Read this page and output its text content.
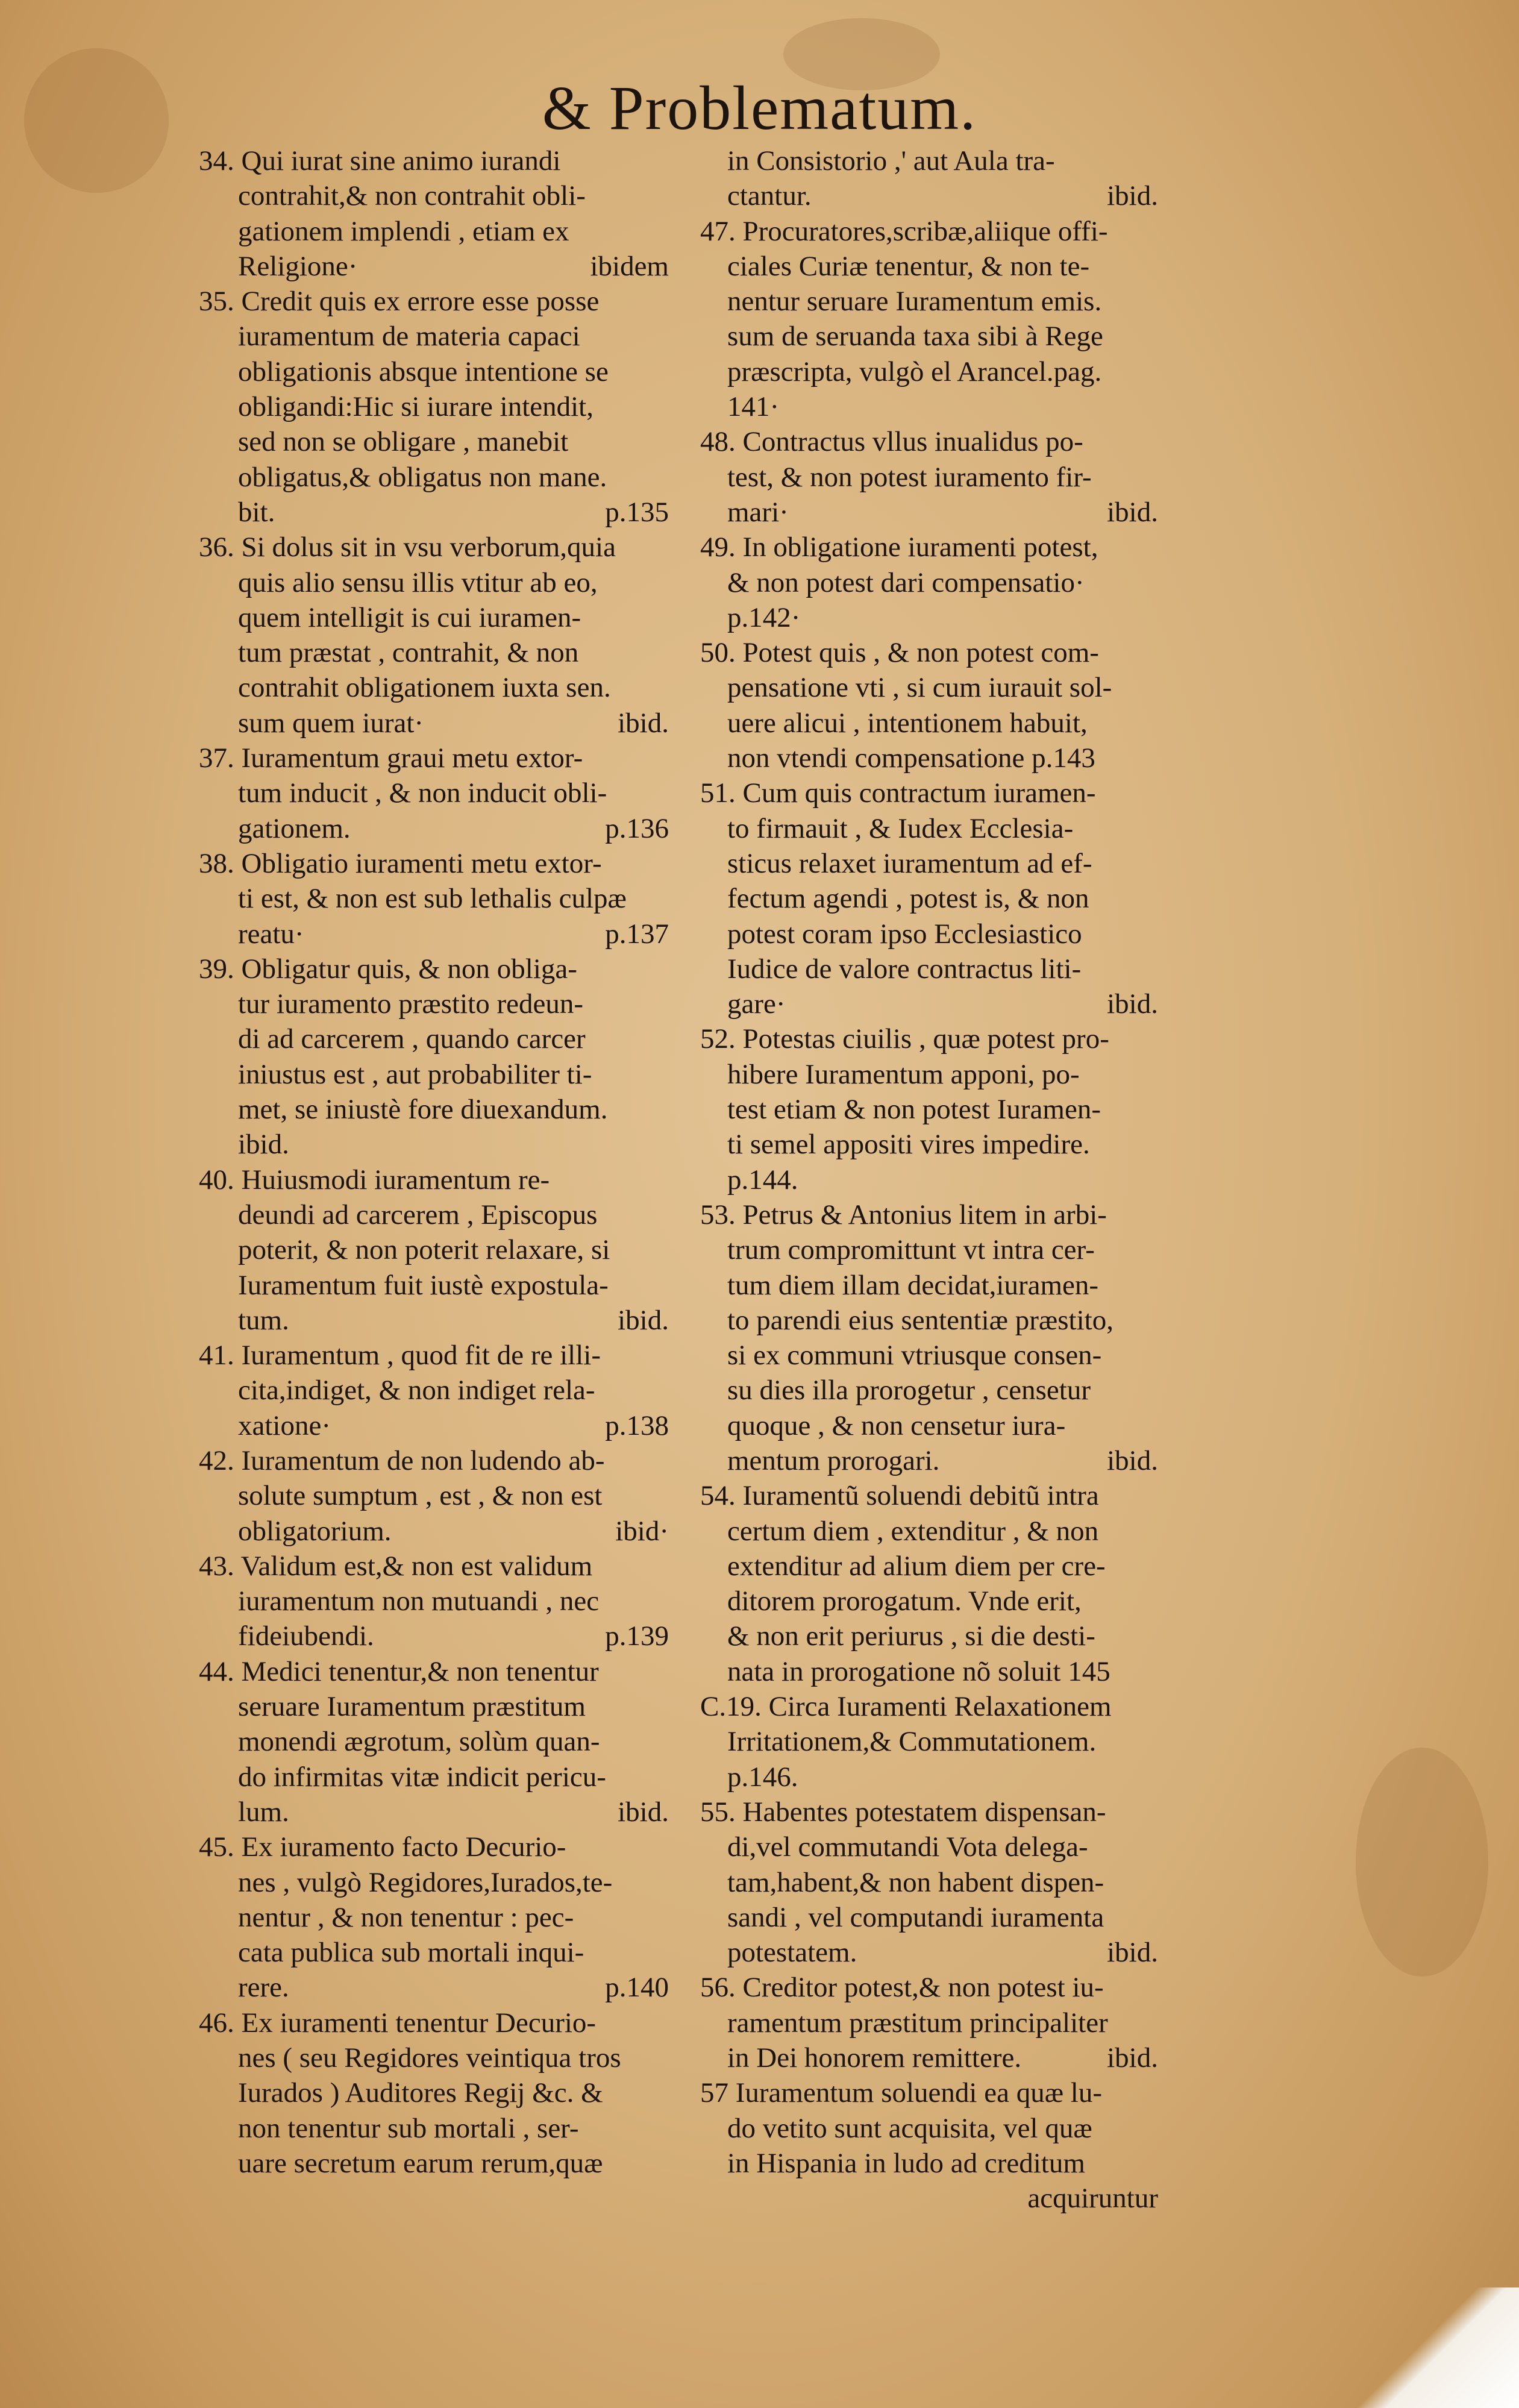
& Problematum.
34. Qui iurat sine animo iurandi
contrahit,& non contrahit obli-
gationem implendi , etiam ex
Religione·	ibidem
35. Credit quis ex errore esse posse
iuramentum de materia capaci
obligationis absque intentione se
obligandi:Hic si iurare intendit,
sed non se obligare , manebit
obligatus,& obligatus non mane.
bit.	p.135
36. Si dolus sit in vsu verborum,quia
quis alio sensu illis vtitur ab eo,
quem intelligit is cui iuramen-
tum præstat , contrahit, & non
contrahit obligationem iuxta sen.
sum quem iurat·	ibid.
37. Iuramentum graui metu extor-
tum inducit , & non inducit obli-
gationem.	p.136
38. Obligatio iuramenti metu extor-
ti est, & non est sub lethalis culpæ
reatu·	p.137
39. Obligatur quis, & non obliga-
tur iuramento præstito redeun-
di ad carcerem , quando carcer
iniustus est , aut probabiliter ti-
met, se iniustè fore diuexandum.
ibid.
40. Huiusmodi iuramentum re-
deundi ad carcerem , Episcopus
poterit, & non poterit relaxare, si
Iuramentum fuit iustè expostula-
tum.	ibid.
41. Iuramentum , quod fit de re illi-
cita,indiget, & non indiget rela-
xatione·	p.138
42. Iuramentum de non ludendo ab-
solute sumptum , est , & non est
obligatorium.	ibid·
43. Validum est,& non est validum
iuramentum non mutuandi , nec
fideiubendi.	p.139
44. Medici tenentur,& non tenentur
seruare Iuramentum præstitum
monendi ægrotum, solùm quan-
do infirmitas vitæ indicit pericu-
lum.	ibid.
45. Ex iuramento facto Decurio-
nes , vulgò Regidores,Iurados,te-
nentur , & non tenentur : pec-
cata publica sub mortali inqui-
rere.	p.140
46. Ex iuramenti tenentur Decurio-
nes ( seu Regidores veintiqua tros
Iurados ) Auditores Regij &c. &
non tenentur sub mortali , ser-
uare secretum earum rerum,quæ
in Consistorio ,' aut Aula tra-
ctantur.	ibid.
47. Procuratores,scribæ,aliique offi-
ciales Curiæ tenentur, & non te-
nentur seruare Iuramentum emis.
sum de seruanda taxa sibi à Rege
præscripta, vulgò el Arancel.pag.
141·
48. Contractus vllus inualidus po-
test, & non potest iuramento fir-
mari·	ibid.
49. In obligatione iuramenti potest,
& non potest dari compensatio·
p.142·
50. Potest quis , & non potest com-
pensatione vti , si cum iurauit sol-
uere alicui , intentionem habuit,
non vtendi compensatione p.143
51. Cum quis contractum iuramen-
to firmauit , & Iudex Ecclesia-
sticus relaxet iuramentum ad ef-
fectum agendi , potest is, & non
potest coram ipso Ecclesiastico
Iudice de valore contractus liti-
gare·	ibid.
52. Potestas ciuilis , quæ potest pro-
hibere Iuramentum apponi, po-
test etiam & non potest Iuramen-
ti semel appositi vires impedire.
p.144.
53. Petrus & Antonius litem in arbi-
trum compromittunt vt intra cer-
tum diem illam decidat,iuramen-
to parendi eius sententiæ præstito,
si ex communi vtriusque consen-
su dies illa prorogetur , censetur
quoque , & non censetur iura-
mentum prorogari.	ibid.
54. Iuramentũ soluendi debitũ intra
certum diem , extenditur , & non
extenditur ad alium diem per cre-
ditorem prorogatum. Vnde erit,
& non erit periurus , si die desti-
nata in prorogatione nõ soluit 145
C.19. Circa Iuramenti Relaxationem
Irritationem,& Commutationem.
p.146.
55. Habentes potestatem dispensan-
di,vel commutandi Vota delega-
tam,habent,& non habent dispen-
sandi , vel computandi iuramenta
potestatem.	ibid.
56. Creditor potest,& non potest iu-
ramentum præstitum principaliter
in Dei honorem remittere.	ibid.
57 Iuramentum soluendi ea quæ lu-
do vetito sunt acquisita, vel quæ
in Hispania in ludo ad creditum
acquiruntur
